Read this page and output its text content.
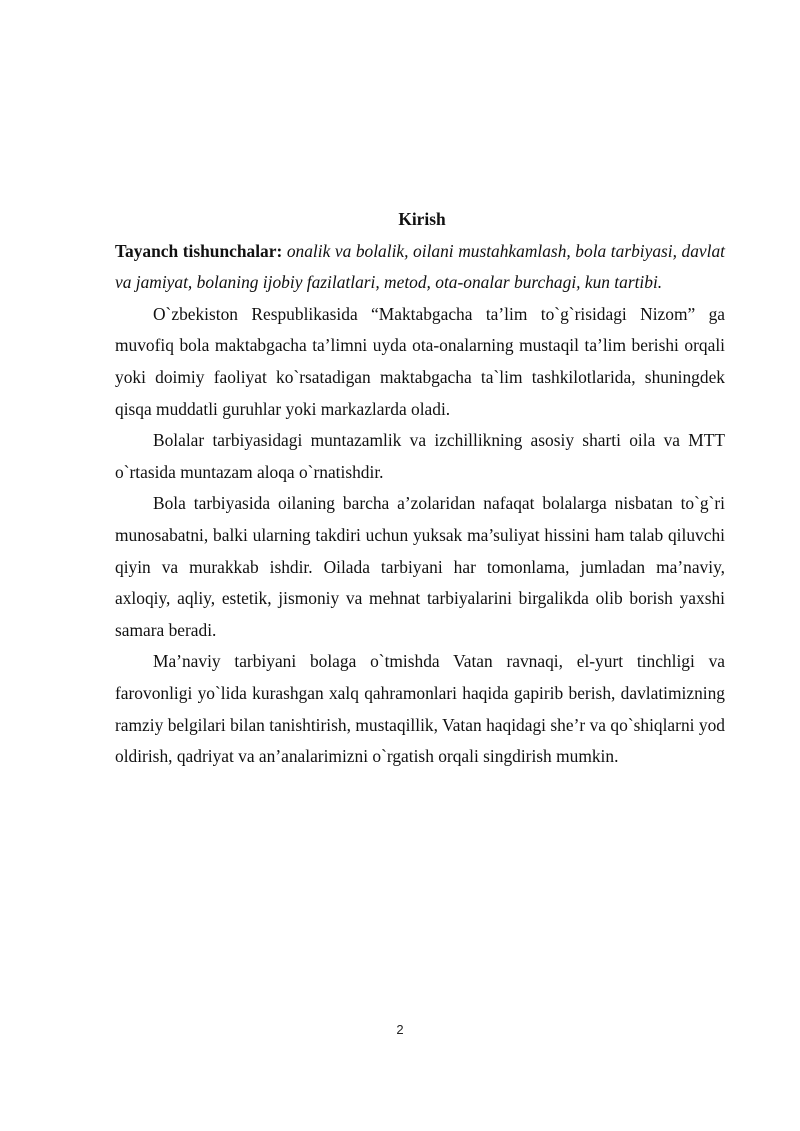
Kirish

Tayanch tishunchalar: onalik va bolalik, oilani mustahkamlash, bola tarbiyasi, davlat va jamiyat, bolaning ijobiy fazilatlari, metod, ota-onalar burchagi, kun tartibi.

O`zbekiston Respublikasida “Maktabgacha ta’lim to`g`risidagi Nizom” ga muvofiq bola maktabgacha ta’limni uyda ota-onalarning mustaqil ta’lim berishi orqali yoki doimiy faoliyat ko`rsatadigan maktabgacha ta`lim tashkilotlarida, shuningdek qisqa muddatli guruhlar yoki markazlarda oladi.

Bolalar tarbiyasidagi muntazamlik va izchillikning asosiy sharti oila va MTT o`rtasida muntazam aloqa o`rnatishdir.

Bola tarbiyasida oilaning barcha a’zolaridan nafaqat bolalarga nisbatan to`g`ri munosabatni, balki ularning takdiri uchun yuksak ma’suliyat hissini ham talab qiluvchi qiyin va murakkab ishdir. Oilada tarbiyani har tomonlama, jumladan ma’naviy, axloqiy, aqliy, estetik, jismoniy va mehnat tarbiyalarini birgalikda olib borish yaxshi samara beradi.

Ma’naviy tarbiyani bolaga o`tmishda Vatan ravnaqi, el-yurt tinchligi va farovonligi yo`lida kurashgan xalq qahramonlari haqida gapirib berish, davlatimizning ramziy belgilari bilan tanishtirish, mustaqillik, Vatan haqidagi she’r va qo`shiqlarni yod oldirish, qadriyat va an’analarimizni o`rgatish orqali singdirish mumkin.

2
